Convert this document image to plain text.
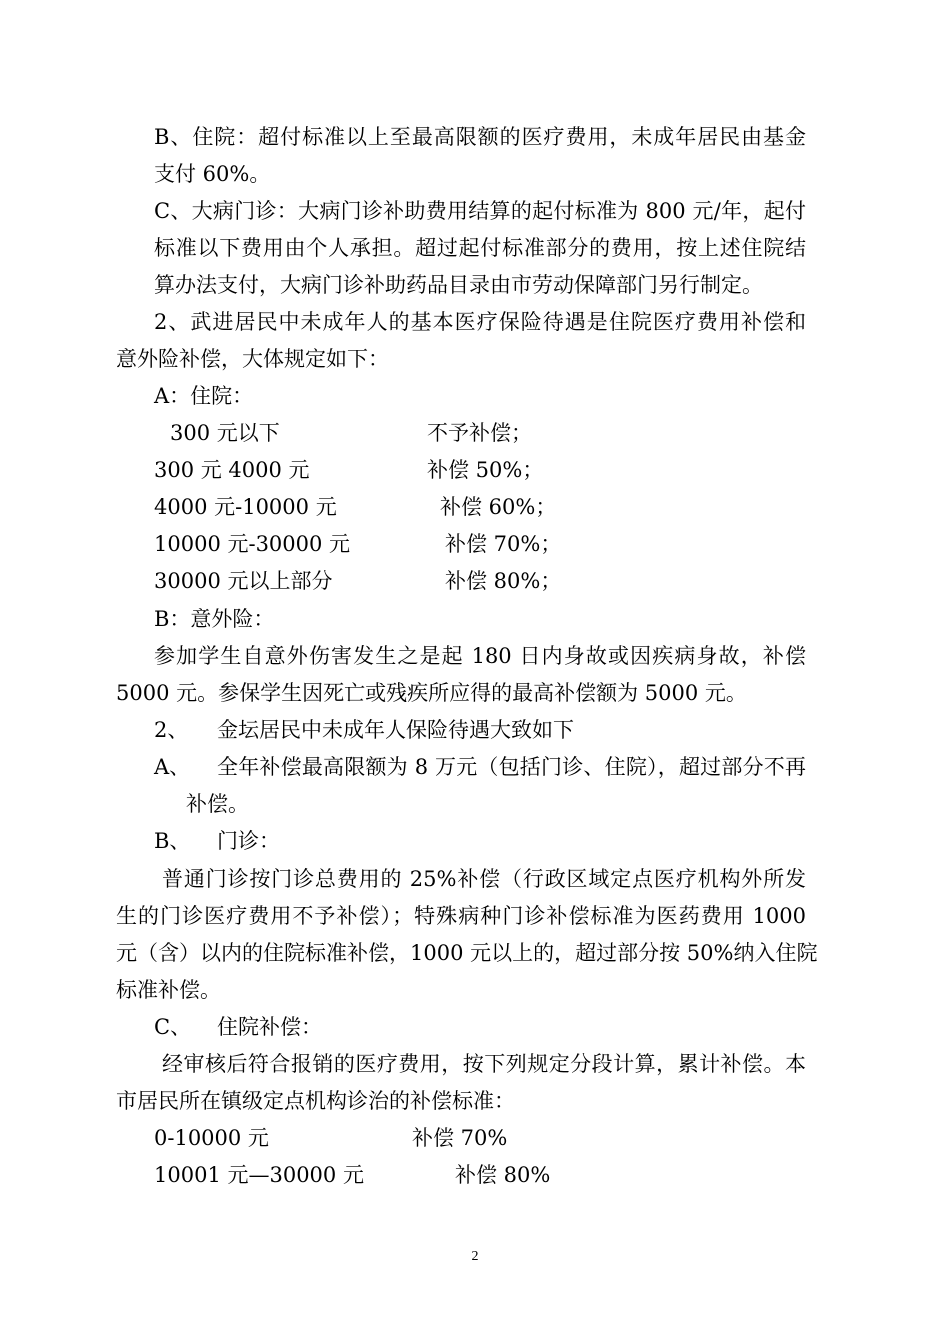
B、住院：超付标准以上至最高限额的医疗费用，未成年居民由基金
支付 60%。
C、大病门诊：大病门诊补助费用结算的起付标准为 800 元/年，起付
标准以下费用由个人承担。超过起付标准部分的费用，按上述住院结
算办法支付，大病门诊补助药品目录由市劳动保障部门另行制定。
2、武进居民中未成年人的基本医疗保险待遇是住院医疗费用补偿和
意外险补偿，大体规定如下：
A：住院：
300 元以下	不予补偿；
300 元 4000 元	补偿 50%；
4000 元-10000 元	补偿 60%；
10000 元-30000 元	补偿 70%；
30000 元以上部分	补偿 80%；
B：意外险：
参加学生自意外伤害发生之是起 180 日内身故或因疾病身故，补偿
5000 元。参保学生因死亡或残疾所应得的最高补偿额为 5000 元。
2、 金坛居民中未成年人保险待遇大致如下
A、 全年补偿最高限额为 8 万元（包括门诊、住院），超过部分不再
补偿。
B、 门诊：
普通门诊按门诊总费用的 25%补偿（行政区域定点医疗机构外所发
生的门诊医疗费用不予补偿）；特殊病种门诊补偿标准为医药费用 1000
元（含）以内的住院标准补偿，1000 元以上的，超过部分按 50%纳入住院
标准补偿。
C、 住院补偿：
经审核后符合报销的医疗费用，按下列规定分段计算，累计补偿。本
市居民所在镇级定点机构诊治的补偿标准：
0-10000 元	补偿 70%
10001 元—30000 元	补偿 80%
2
